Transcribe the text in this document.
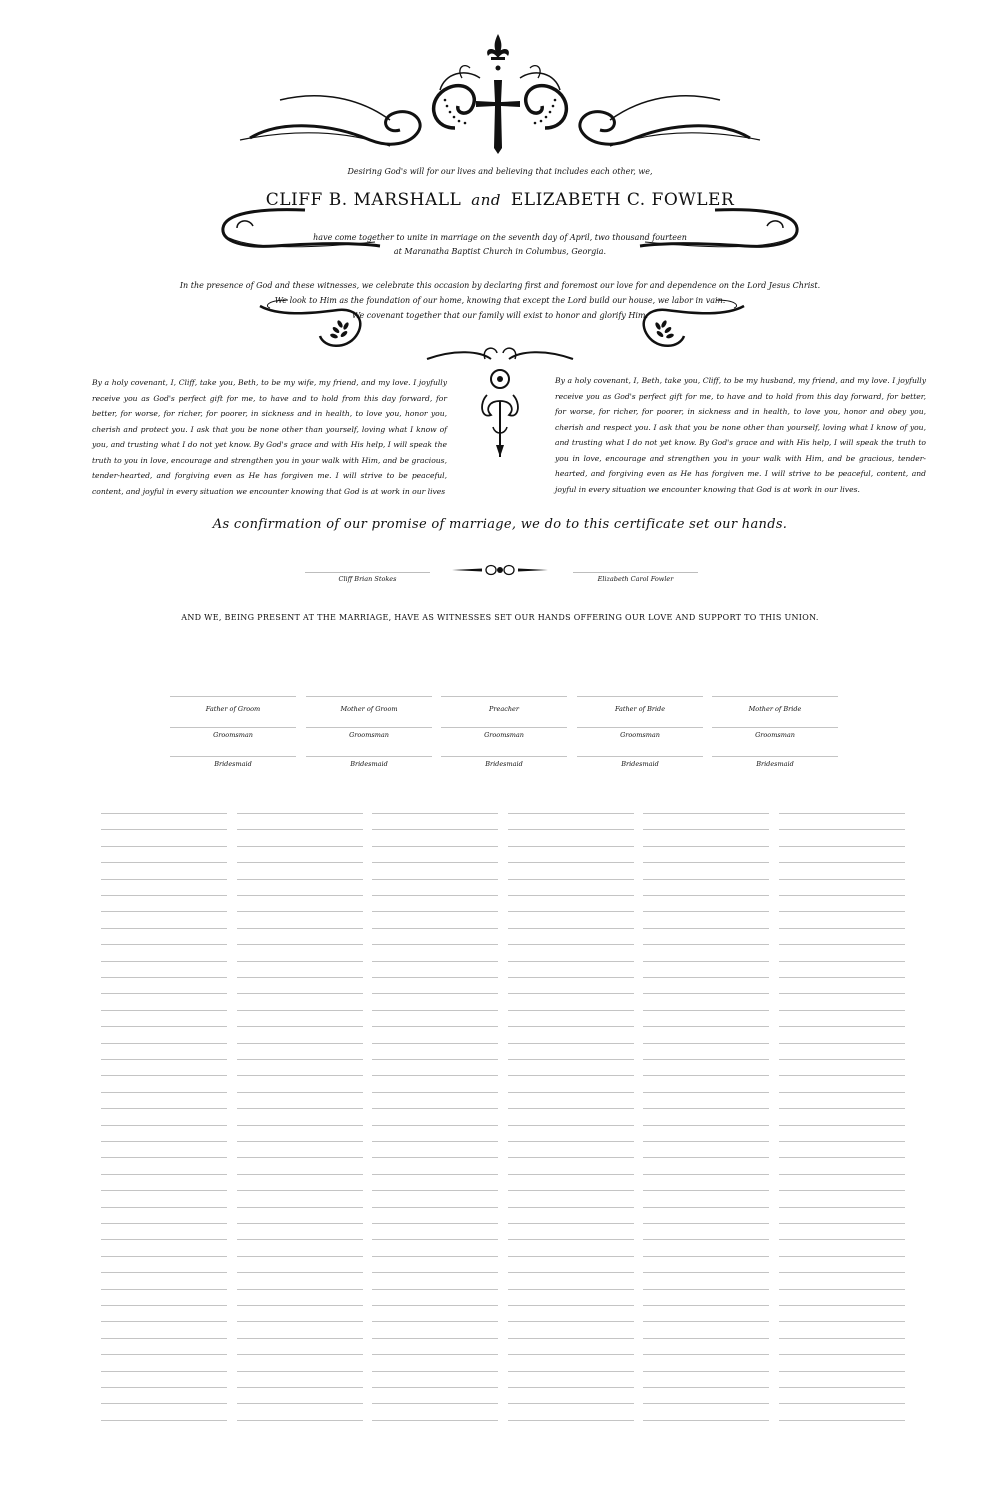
Desiring God's will for our lives and believing that includes each other, we,
CLIFF B. MARSHALL and ELIZABETH C. FOWLER
have come together to unite in marriage on the seventh day of April, two thousand fourteen
at Maranatha Baptist Church in Columbus, Georgia.
In the presence of God and these witnesses, we celebrate this occasion by declaring first and foremost our love for and dependence on the Lord Jesus Christ.
We look to Him as the foundation of our home, knowing that except the Lord build our house, we labor in vain.
We covenant together that our family will exist to honor and glorify Him.
By a holy covenant, I, Cliff, take you, Beth, to be my wife, my friend, and my love. I joyfully receive you as God's perfect gift for me, to have and to hold from this day forward, for better, for worse, for richer, for poorer, in sickness and in health, to love you, honor you, cherish and protect you. I ask that you be none other than yourself, loving what I know of you, and trusting what I do not yet know. By God's grace and with His help, I will speak the truth to you in love, encourage and strengthen you in your walk with Him, and be gracious, tender-hearted, and forgiving even as He has forgiven me. I will strive to be peaceful, content, and joyful in every situation we encounter knowing that God is at work in our lives
By a holy covenant, I, Beth, take you, Cliff, to be my husband, my friend, and my love. I joyfully receive you as God's perfect gift for me, to have and to hold from this day forward, for better, for worse, for richer, for poorer, in sickness and in health, to love you, honor and obey you, cherish and respect you. I ask that you be none other than yourself, loving what I know of you, and trusting what I do not yet know. By God's grace and with His help, I will speak the truth to you in love, encourage and strengthen you in your walk with Him, and be gracious, tender-hearted, and forgiving even as He has forgiven me. I will strive to be peaceful, content, and joyful in every situation we encounter knowing that God is at work in our lives.
As confirmation of our promise of marriage, we do to this certificate set our hands.
Cliff Brian Stokes	Elizabeth Carol Fowler
AND WE, BEING PRESENT AT THE MARRIAGE, HAVE AS WITNESSES SET OUR HANDS OFFERING OUR LOVE AND SUPPORT TO THIS UNION.
Father of Groom	Mother of Groom	Preacher	Father of Bride	Mother of Bride
Groomsman	Groomsman	Groomsman	Groomsman	Groomsman
Bridesmaid	Bridesmaid	Bridesmaid	Bridesmaid	Bridesmaid
